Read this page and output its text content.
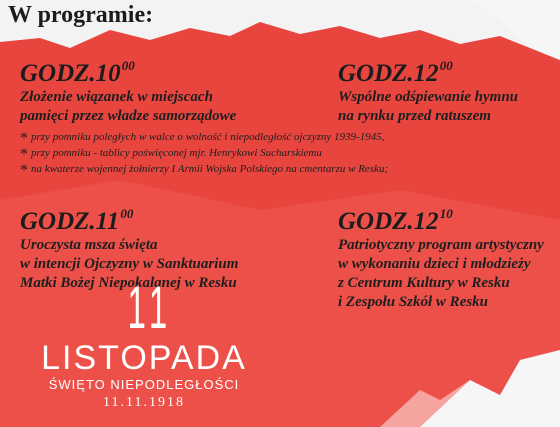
W programie:
$GODZ.10^{00}$
Złożenie wiązanek w miejscach
pamięci przez władze samorządowe
$GODZ.12^{00}$
Wspólne odśpiewanie hymnu
na rynku przed ratuszem
* przy pomniku poległych w walce o wolność i niepodległość ojczyzny 1939-1945,
* przy pomniku - tablicy poświęconej mjr. Henrykowi Sucharskiemu
* na kwaterze wojennej żołnierzy I Armii Wojska Polskiego na cmentarzu w Resku;
$GODZ.11^{00}$
Uroczysta msza święta
w intencji Ojczyzny w Sanktuarium
Matki Bożej Niepokalanej w Resku
$GODZ.12^{10}$
Patriotyczny program artystyczny
w wykonaniu dzieci i młodzieży
z Centrum Kultury w Resku
i Zespołu Szkół w Resku
11
LISTOPADA
ŚWIĘTO NIEPODLEGŁOŚCI
11.11.1918
